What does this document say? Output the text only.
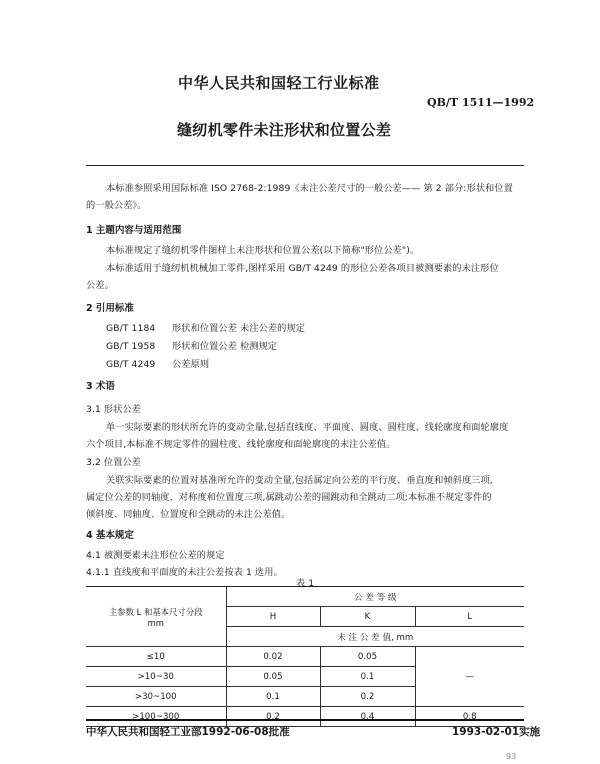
中华人民共和国轻工行业标准
QB/T 1511—1992
缝纫机零件未注形状和位置公差
本标准参照采用国际标准 ISO 2768-2:1989《未注公差尺寸的一般公差—— 第 2 部分:形状和位置
的一般公差》。
1 主题内容与适用范围
本标准规定了缝纫机零件图样上未注形状和位置公差(以下简称"形位公差")。
本标准适用于缝纫机机械加工零件,图样采用 GB/T 4249 的形位公差各项目被测要素的未注形位
公差。
2 引用标准
GB/T 1184 形状和位置公差 未注公差的规定
GB/T 1958 形状和位置公差 检测规定
GB/T 4249 公差原则
3 术语
3.1 形状公差
单一实际要素的形状所允许的变动全量,包括直线度、平面度、圆度、圆柱度、线轮廓度和面轮廓度
六个项目,本标准不规定零件的圆柱度、线轮廓度和面轮廓度的未注公差值。
3.2 位置公差
关联实际要素的位置对基准所允许的变动全量,包括属定向公差的平行度、垂直度和倾斜度三项,
属定位公差的同轴度、对称度和位置度三项,属跳动公差的圆跳动和全跳动二项;本标准不规定零件的
倾斜度、同轴度、位置度和全跳动的未注公差值。
4 基本规定
4.1 被测要素未注形位公差的规定
4.1.1 直线度和平面度的未注公差按表 1 选用。
表 1
主参数 L 和基本尺寸分段
mm	公 差 等 级		
	H	K	L
	未 注 公 差 值, mm		
≤10	0.02	0.05	—
>10~30	0.05	0.1	
>30~100	0.1	0.2	
>100~300	0.2	0.4	0.8
中华人民共和国轻工业部1992-06-08批准	1993-02-01实施
93
